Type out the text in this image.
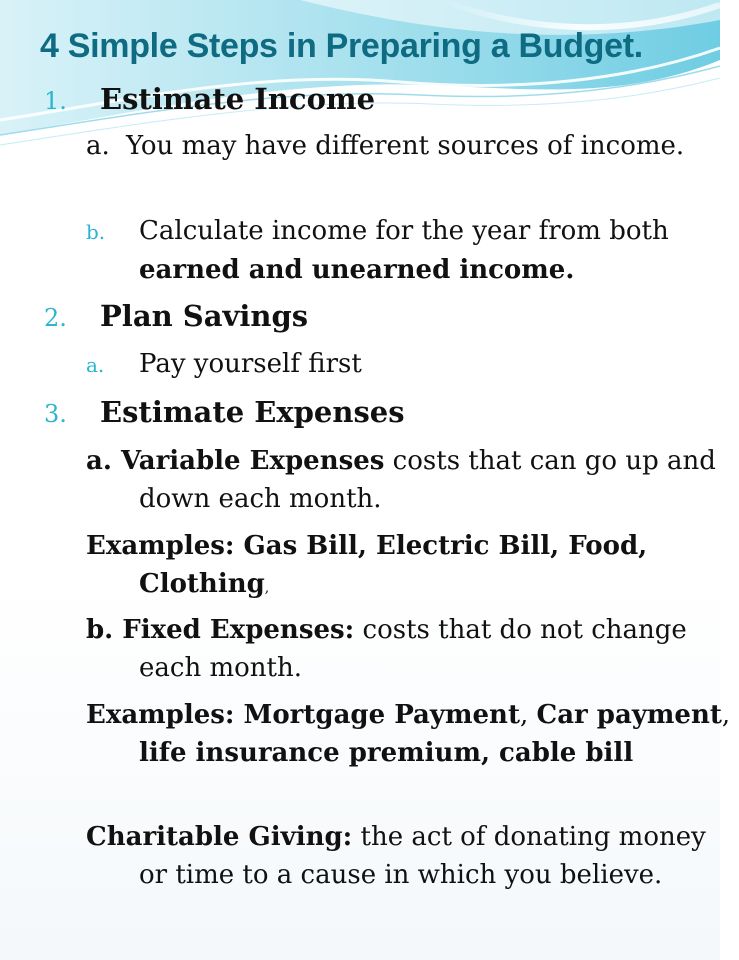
4 Simple Steps in Preparing a Budget.
1. Estimate Income
a. You may have different sources of income.
b. Calculate income for the year from both earned and unearned income.
2. Plan Savings
a. Pay yourself first
3. Estimate Expenses
a. Variable Expenses costs that can go up and down each month.
Examples: Gas Bill, Electric Bill, Food, Clothing,
b. Fixed Expenses: costs that do not change each month.
Examples: Mortgage Payment, Car payment, life insurance premium, cable bill
Charitable Giving: the act of donating money or time to a cause in which you believe.
